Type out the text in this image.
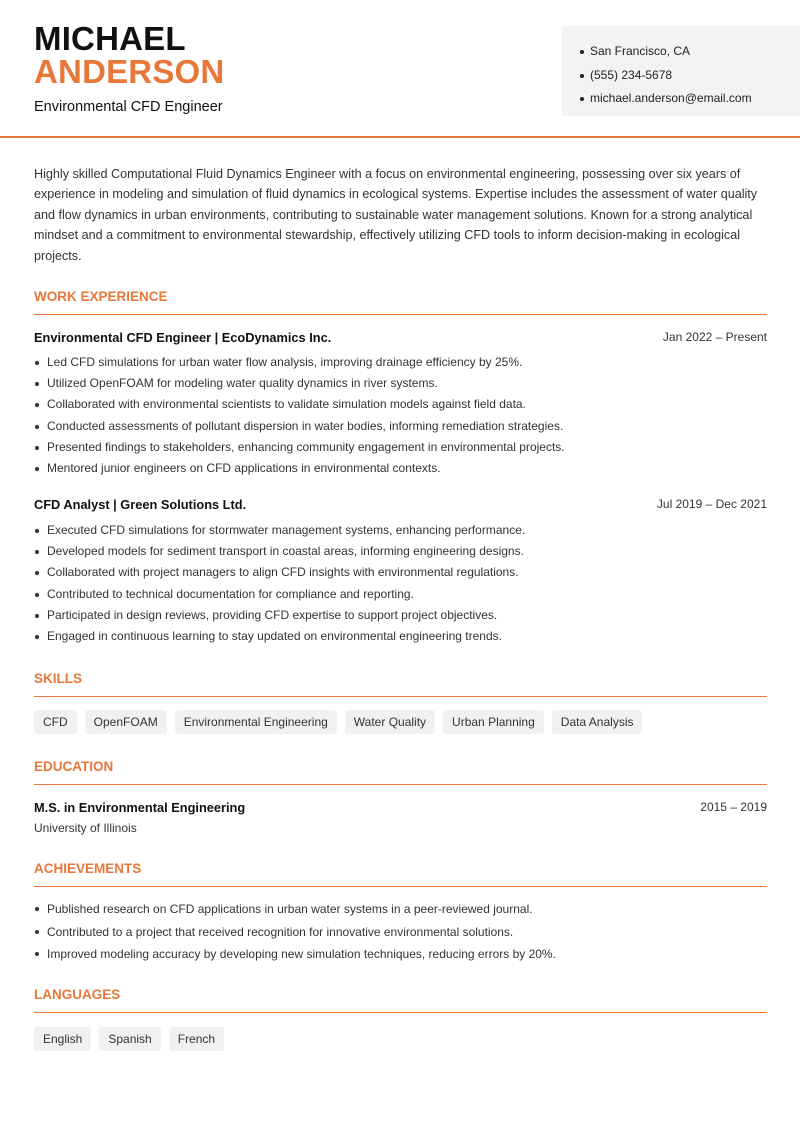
MICHAEL
ANDERSON
Environmental CFD Engineer
San Francisco, CA
(555) 234-5678
michael.anderson@email.com

Highly skilled Computational Fluid Dynamics Engineer with a focus on environmental engineering, possessing over six years of experience in modeling and simulation of fluid dynamics in ecological systems. Expertise includes the assessment of water quality and flow dynamics in urban environments, contributing to sustainable water management solutions. Known for a strong analytical mindset and a commitment to environmental stewardship, effectively utilizing CFD tools to inform decision-making in ecological projects.

WORK EXPERIENCE
Environmental CFD Engineer | EcoDynamics Inc.	Jan 2022 – Present
Led CFD simulations for urban water flow analysis, improving drainage efficiency by 25%.
Utilized OpenFOAM for modeling water quality dynamics in river systems.
Collaborated with environmental scientists to validate simulation models against field data.
Conducted assessments of pollutant dispersion in water bodies, informing remediation strategies.
Presented findings to stakeholders, enhancing community engagement in environmental projects.
Mentored junior engineers on CFD applications in environmental contexts.
CFD Analyst | Green Solutions Ltd.	Jul 2019 – Dec 2021
Executed CFD simulations for stormwater management systems, enhancing performance.
Developed models for sediment transport in coastal areas, informing engineering designs.
Collaborated with project managers to align CFD insights with environmental regulations.
Contributed to technical documentation for compliance and reporting.
Participated in design reviews, providing CFD expertise to support project objectives.
Engaged in continuous learning to stay updated on environmental engineering trends.
SKILLS
CFD	OpenFOAM	Environmental Engineering	Water Quality	Urban Planning	Data Analysis
EDUCATION
M.S. in Environmental Engineering	2015 – 2019
University of Illinois
ACHIEVEMENTS
Published research on CFD applications in urban water systems in a peer-reviewed journal.
Contributed to a project that received recognition for innovative environmental solutions.
Improved modeling accuracy by developing new simulation techniques, reducing errors by 20%.
LANGUAGES
English	Spanish	French
